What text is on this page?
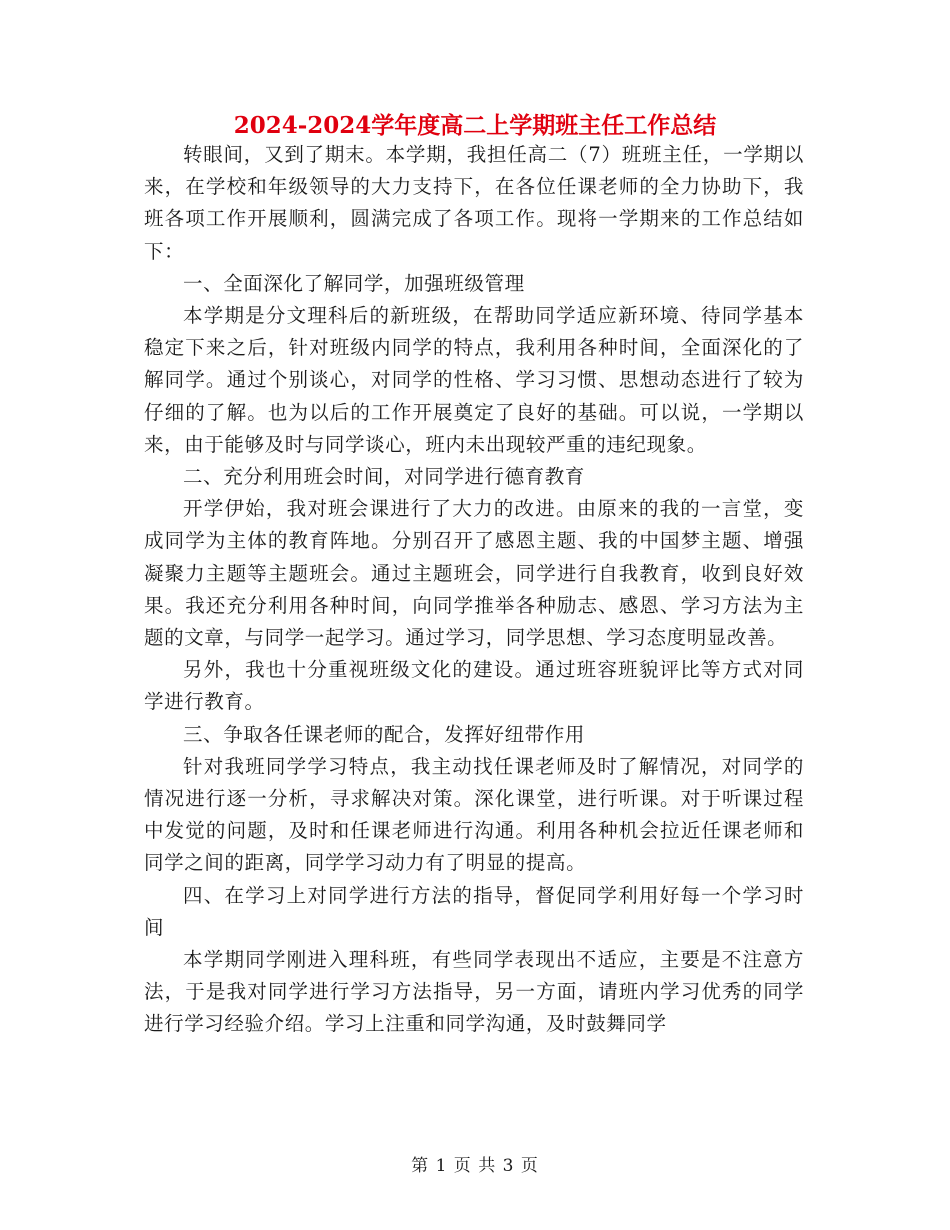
2024-2024学年度高二上学期班主任工作总结

转眼间，又到了期末。本学期，我担任高二（7）班班主任，一学期以来，在学校和年级领导的大力支持下，在各位任课老师的全力协助下，我班各项工作开展顺利，圆满完成了各项工作。现将一学期来的工作总结如下：

一、全面深化了解同学，加强班级管理

本学期是分文理科后的新班级，在帮助同学适应新环境、待同学基本稳定下来之后，针对班级内同学的特点，我利用各种时间，全面深化的了解同学。通过个别谈心，对同学的性格、学习习惯、思想动态进行了较为仔细的了解。也为以后的工作开展奠定了良好的基础。可以说，一学期以来，由于能够及时与同学谈心，班内未出现较严重的违纪现象。

二、充分利用班会时间，对同学进行德育教育

开学伊始，我对班会课进行了大力的改进。由原来的我的一言堂，变成同学为主体的教育阵地。分别召开了感恩主题、我的中国梦主题、增强凝聚力主题等主题班会。通过主题班会，同学进行自我教育，收到良好效果。我还充分利用各种时间，向同学推举各种励志、感恩、学习方法为主题的文章，与同学一起学习。通过学习，同学思想、学习态度明显改善。

另外，我也十分重视班级文化的建设。通过班容班貌评比等方式对同学进行教育。

三、争取各任课老师的配合，发挥好纽带作用

针对我班同学学习特点，我主动找任课老师及时了解情况，对同学的情况进行逐一分析，寻求解决对策。深化课堂，进行听课。对于听课过程中发觉的问题，及时和任课老师进行沟通。利用各种机会拉近任课老师和同学之间的距离，同学学习动力有了明显的提高。

四、在学习上对同学进行方法的指导，督促同学利用好每一个学习时间

本学期同学刚进入理科班，有些同学表现出不适应，主要是不注意方法，于是我对同学进行学习方法指导，另一方面，请班内学习优秀的同学进行学习经验介绍。学习上注重和同学沟通，及时鼓舞同学

第 1 页 共 3 页
